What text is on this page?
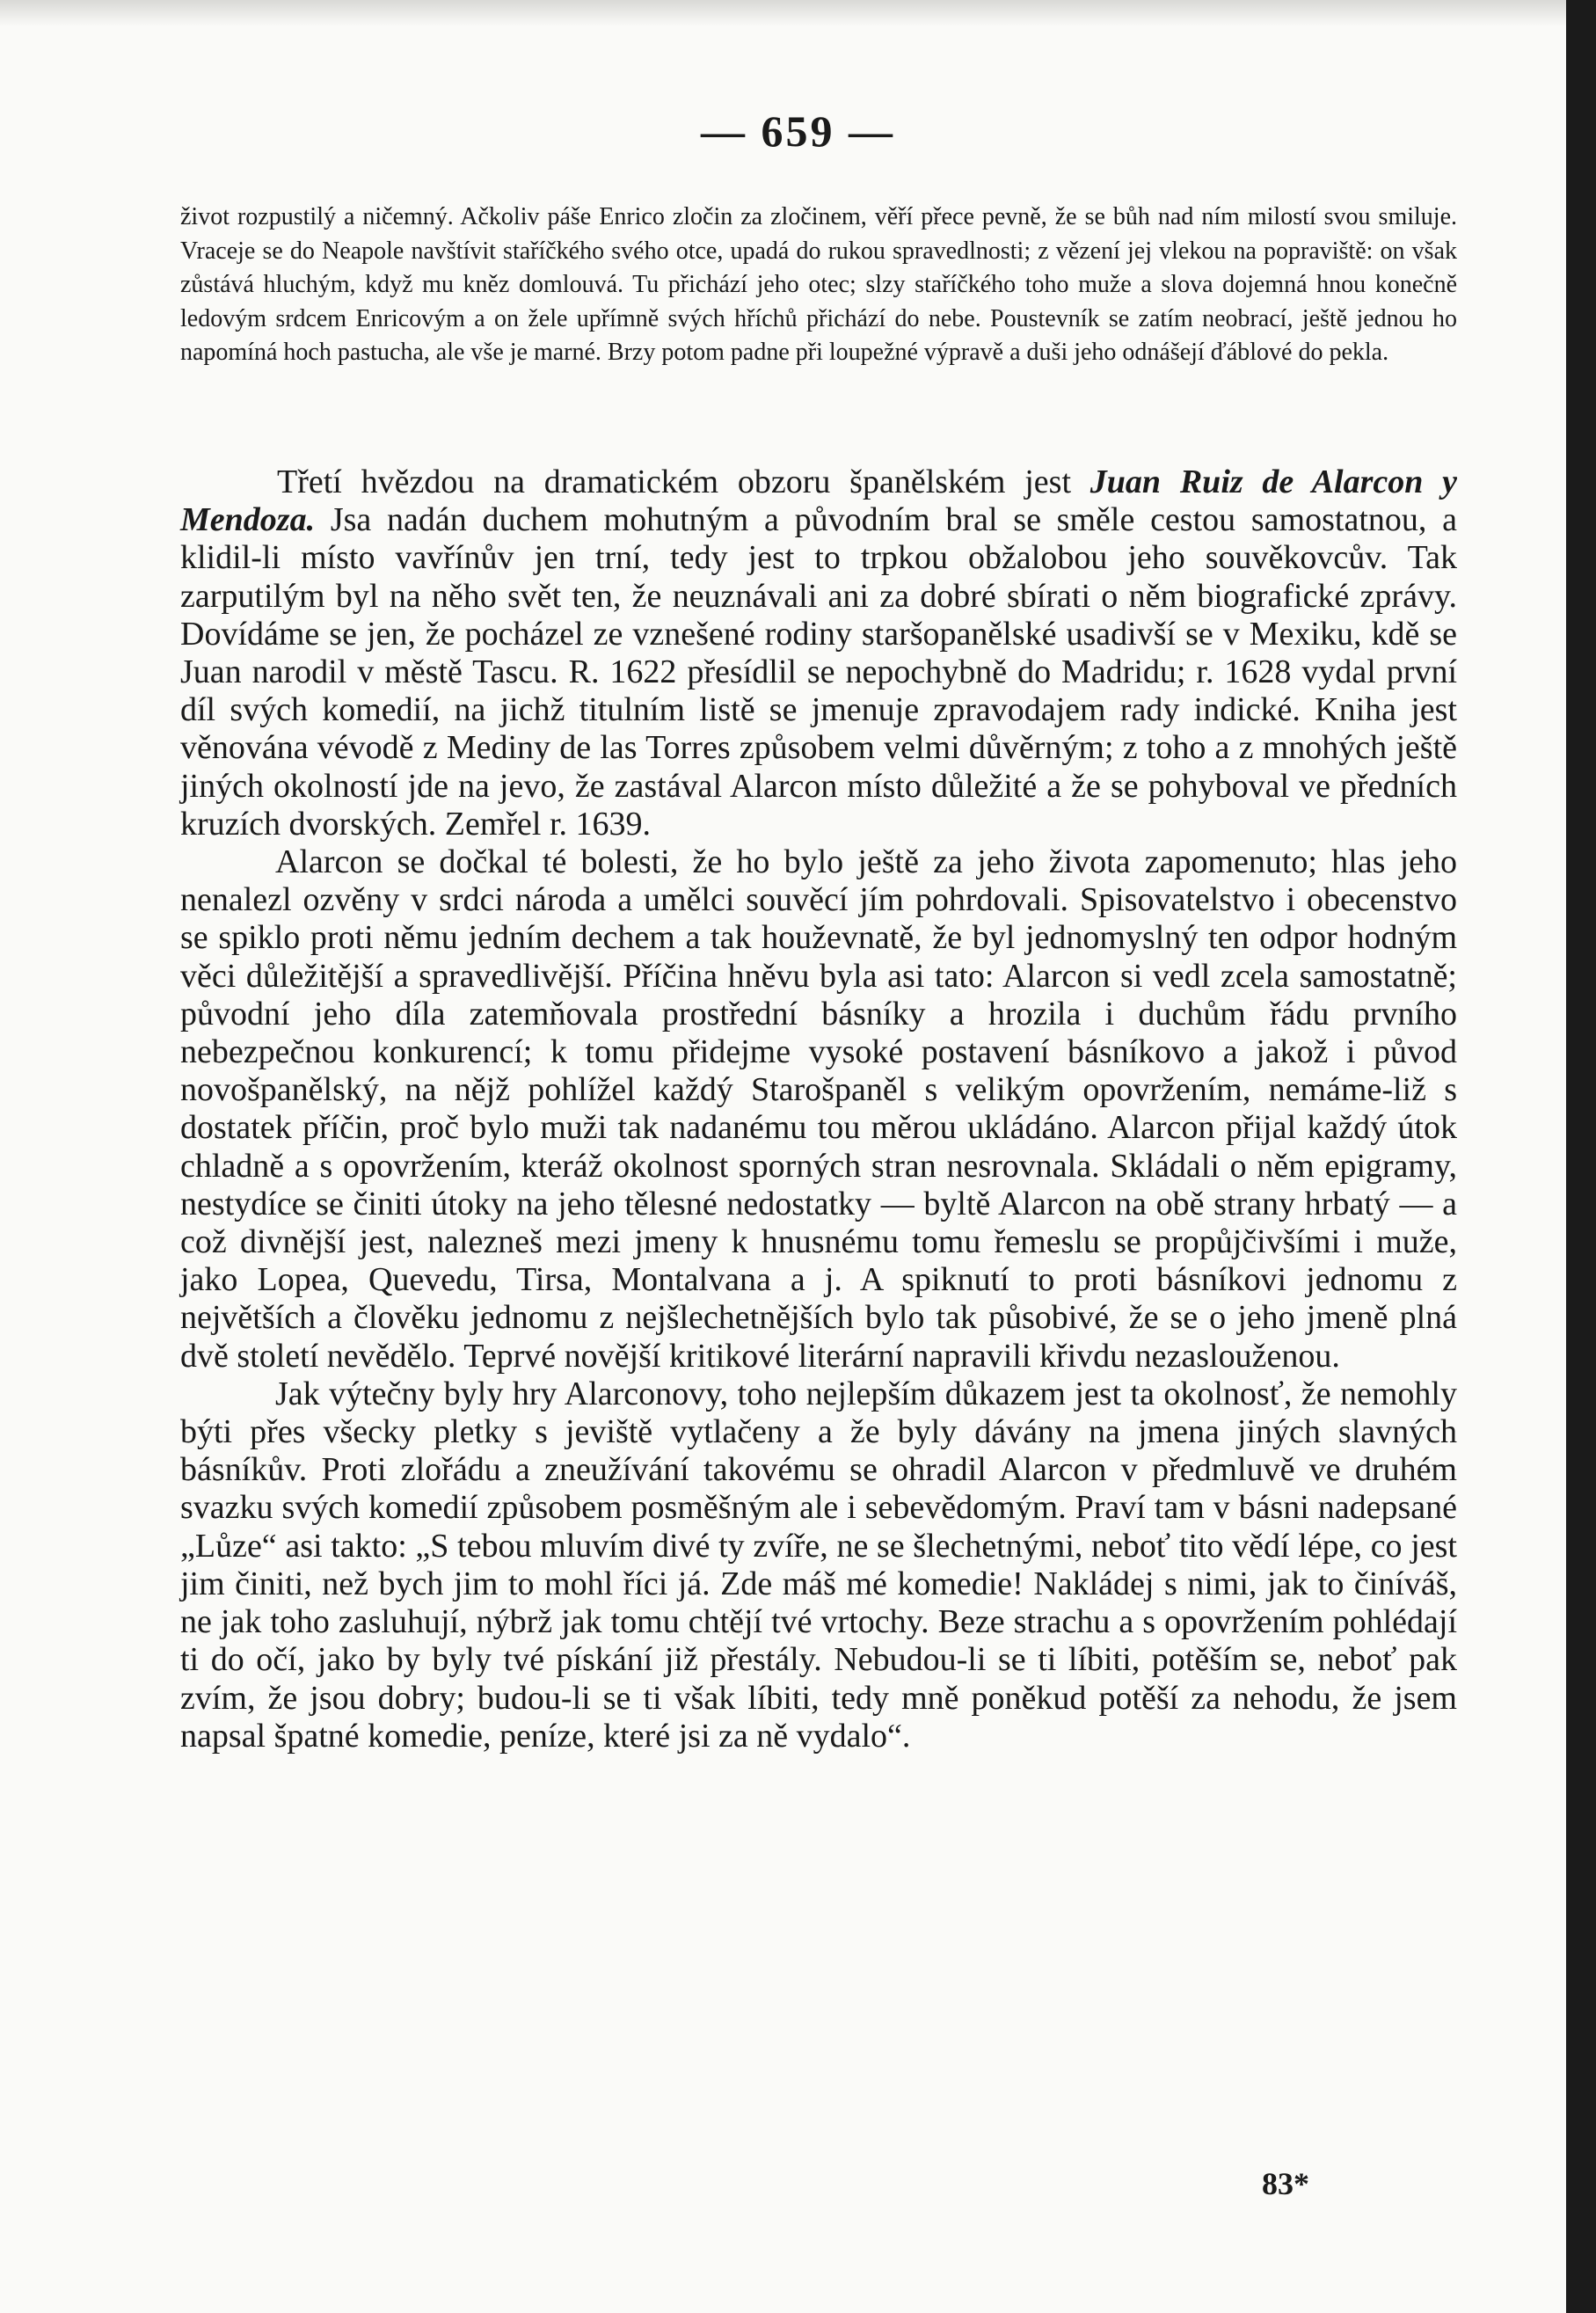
— 659 —

život rozpustilý a ničemný. Ačkoliv páše Enrico zločin za zločinem, věří přece pevně, že se bůh nad ním milostí svou smiluje. Vraceje se do Neapole navštívit staříčkého svého otce, upadá do rukou spravedlnosti; z vězení jej vlekou na popraviště: on však zůstává hluchým, když mu kněz domlouvá. Tu přichází jeho otec; slzy staříčkého toho muže a slova dojemná hnou konečně ledovým srdcem Enricovým a on žele upřímně svých hříchů přichází do nebe. Poustevník se zatím neobrací, ještě jednou ho napomíná hoch pastucha, ale vše je marné. Brzy potom padne při loupežné výpravě a duši jeho odnášejí ďáblové do pekla.

Třetí hvězdou na dramatickém obzoru španělském jest Juan Ruiz de Alarcon y Mendoza. Jsa nadán duchem mohutným a původním bral se směle cestou samostatnou, a klidil-li místo vavřínův jen trní, tedy jest to trpkou obžalobou jeho souvěkovcův. Tak zarputilým byl na něho svět ten, že neuznávali ani za dobré sbírati o něm biografické zprávy. Dovídáme se jen, že pocházel ze vznešené rodiny staršopanělské usadivší se v Mexiku, kdě se Juan narodil v městě Tascu. R. 1622 přesídlil se nepochybně do Madridu; r. 1628 vydal první díl svých komedií, na jichž titulním listě se jmenuje zpravodajem rady indické. Kniha jest věnována vévodě z Mediny de las Torres způsobem velmi důvěrným; z toho a z mnohých ještě jiných okolností jde na jevo, že zastával Alarcon místo důležité a že se pohyboval ve předních kruzích dvorských. Zemřel r. 1639.

Alarcon se dočkal té bolesti, že ho bylo ještě za jeho života zapomenuto; hlas jeho nenalezl ozvěny v srdci národa a umělci souvěcí jím pohrdovali. Spisovatelstvo i obecenstvo se spiklo proti němu jedním dechem a tak houževnatě, že byl jednomyslný ten odpor hodným věci důležitější a spravedlivější. Příčina hněvu byla asi tato: Alarcon si vedl zcela samostatně; původní jeho díla zatemňovala prostřední básníky a hrozila i duchům řádu prvního nebezpečnou konkurencí; k tomu přidejme vysoké postavení básníkovo a jakož i původ novošpanělský, na nějž pohlížel každý Starošpaněl s velikým opovržením, nemáme-liž s dostatek příčin, proč bylo muži tak nadanému tou měrou ukládáno. Alarcon přijal každý útok chladně a s opovržením, kteráž okolnost sporných stran nesrovnala. Skládali o něm epigramy, nestydíce se činiti útoky na jeho tělesné nedostatky — byltě Alarcon na obě strany hrbatý — a což divnější jest, nalezneš mezi jmeny k hnusnému tomu řemeslu se propůjčivšími i muže, jako Lopea, Quevedu, Tirsa, Montalvana a j. A spiknutí to proti básníkovi jednomu z největších a člověku jednomu z nejšlechetnějších bylo tak působivé, že se o jeho jmeně plná dvě století nevědělo. Teprvé novější kritikové literární napravili křivdu nezaslouženou.

Jak výtečny byly hry Alarconovy, toho nejlepším důkazem jest ta okolnosť, že nemohly býti přes všecky pletky s jeviště vytlačeny a že byly dávány na jmena jiných slavných básníkův. Proti zlořádu a zneužívání takovému se ohradil Alarcon v předmluvě ve druhém svazku svých komedií způsobem posměšným ale i sebevědomým. Praví tam v básni nadepsané „Lůze“ asi takto: „S tebou mluvím divé ty zvíře, ne se šlechetnými, neboť tito vědí lépe, co jest jim činiti, než bych jim to mohl říci já. Zde máš mé komedie! Nakládej s nimi, jak to činíváš, ne jak toho zasluhují, nýbrž jak tomu chtějí tvé vrtochy. Beze strachu a s opovržením pohlédají ti do očí, jako by byly tvé pískání již přestály. Nebudou-li se ti líbiti, potěším se, neboť pak zvím, že jsou dobry; budou-li se ti však líbiti, tedy mně poněkud potěší za nehodu, že jsem napsal špatné komedie, peníze, které jsi za ně vydalo“.

83*
